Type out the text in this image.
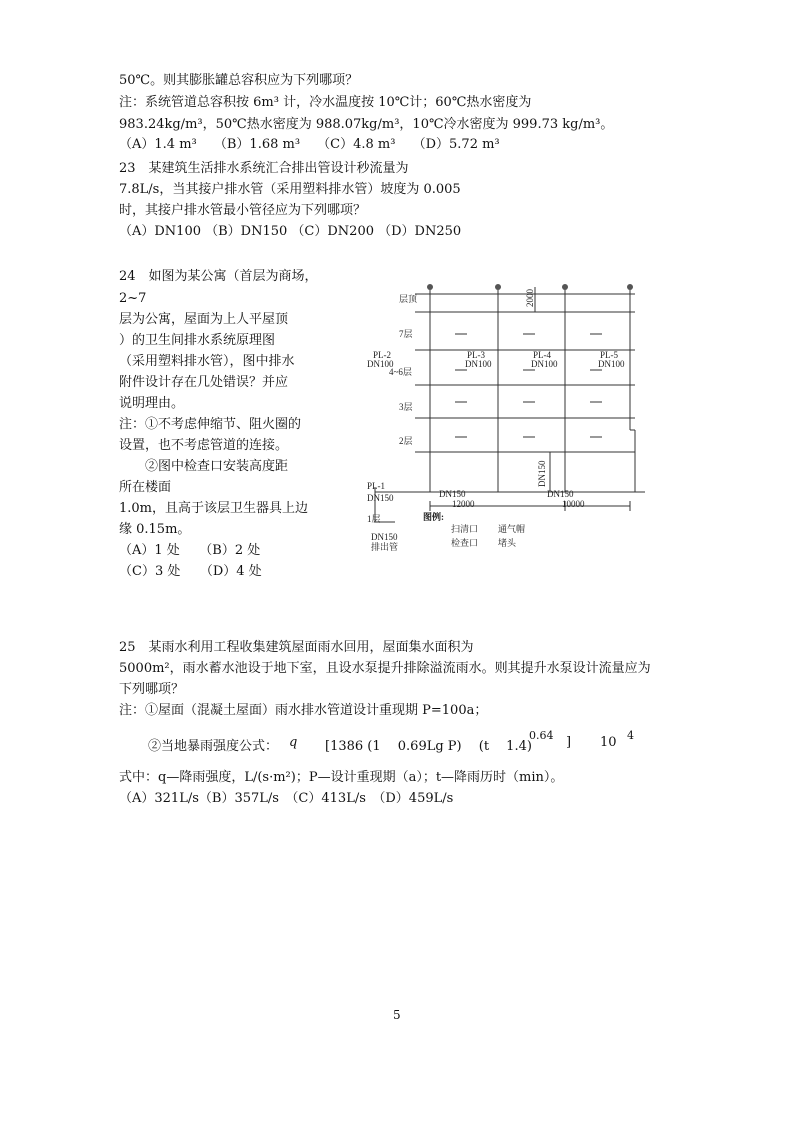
50℃。则其膨胀罐总容积应为下列哪项？
注：系统管道总容积按 6m³ 计，冷水温度按 10℃计；60℃热水密度为
983.24kg/m³，50℃热水密度为 988.07kg/m³，10℃冷水密度为 999.73 kg/m³。
（A）1.4 m³　 （B）1.68 m³　 （C）4.8 m³　 （D）5.72 m³
23　某建筑生活排水系统汇合排出管设计秒流量为
7.8L/s，当其接户排水管（采用塑料排水管）坡度为 0.005
时，其接户排水管最小管径应为下列哪项？
（A）DN100 （B）DN150 （C）DN200 （D）DN250
24　如图为某公寓（首层为商场，
2~7
层为公寓，屋面为上人平屋顶
）的卫生间排水系统原理图
（采用塑料排水管），图中排水
附件设计存在几处错误？并应
说明理由。
注：①不考虑伸缩节、阻火圈的
设置，也不考虑管道的连接。
　　②图中检查口安装高度距
所在楼面
1.0m，且高于该层卫生器具上边
缘 0.15m。
（A）1 处　　（B）2 处
（C）3 处　　（D）4 处
层顶
7层
4~6层
3层
2层
1层
2000
PL-2
DN100
PL-3
DN100
PL-4
DN100
PL-5
DN100
PL-1
DN150	DN150
12000
DN150
10000
DN150
DN150
排出管
图例:
扫清口 通气帽
检查口 堵头
25　某雨水利用工程收集建筑屋面雨水回用，屋面集水面积为
5000m²，雨水蓄水池设于地下室，且设水泵提升排除溢流雨水。则其提升水泵设计流量应为
下列哪项？
注：①屋面（混凝土屋面）雨水排水管道设计重现期 P=100a；
②当地暴雨强度公式： q [1386 (1　 0.69Lg P)　 (t　 1.4)
0.64 ] 10 4
式中：q—降雨强度，L/(s·m²)；P—设计重现期（a）；t—降雨历时（min）。
（A）321L/s（B）357L/s　（C）413L/s　（D）459L/s
5
